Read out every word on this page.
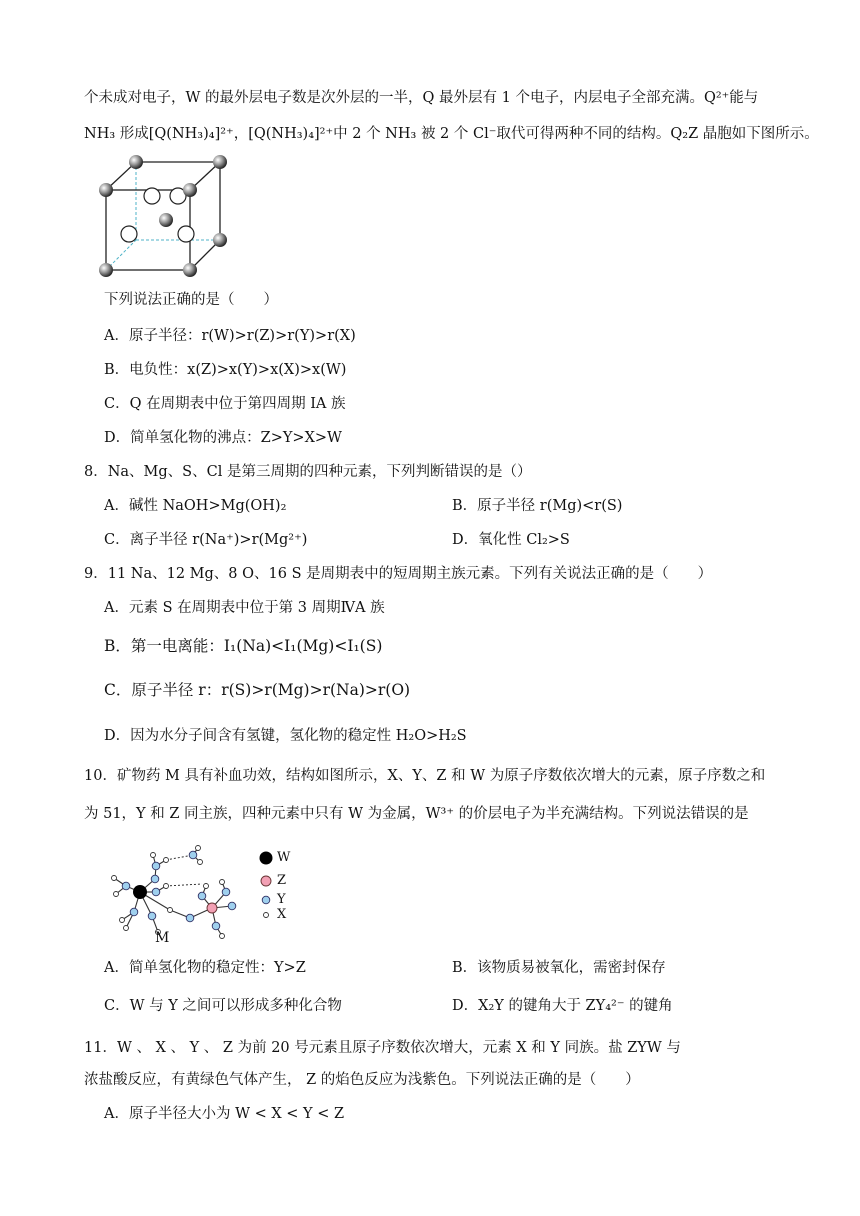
个未成对电子，W 的最外层电子数是次外层的一半，Q 最外层有 1 个电子，内层电子全部充满。Q²⁺能与
NH₃ 形成[Q(NH₃)₄]²⁺，[Q(NH₃)₄]²⁺中 2 个 NH₃ 被 2 个 Cl⁻取代可得两种不同的结构。Q₂Z 晶胞如下图所示。
下列说法正确的是（　　）
A．原子半径：r(W)>r(Z)>r(Y)>r(X)
B．电负性：x(Z)>x(Y)>x(X)>x(W)
C．Q 在周期表中位于第四周期 IA 族
D．简单氢化物的沸点：Z>Y>X>W
8．Na、Mg、S、Cl 是第三周期的四种元素，下列判断错误的是（）
A．碱性 NaOH>Mg(OH)₂	B．原子半径 r(Mg)<r(S)
C．离子半径 r(Na⁺)>r(Mg²⁺)	D．氧化性 Cl₂>S
9．11 Na、12 Mg、8 O、16 S 是周期表中的短周期主族元素。下列有关说法正确的是（　　）
A．元素 S 在周期表中位于第 3 周期ⅣA 族
B．第一电离能：I₁(Na)<I₁(Mg)<I₁(S)
C．原子半径 r：r(S)>r(Mg)>r(Na)>r(O)
D．因为水分子间含有氢键，氢化物的稳定性 H₂O>H₂S
10．矿物药 M 具有补血功效，结构如图所示，X、Y、Z 和 W 为原子序数依次增大的元素，原子序数之和
为 51，Y 和 Z 同主族，四种元素中只有 W 为金属，W³⁺ 的价层电子为半充满结构。下列说法错误的是
M
W
Z
Y
X
A．简单氢化物的稳定性：Y>Z	B．该物质易被氧化，需密封保存
C．W 与 Y 之间可以形成多种化合物	D．X₂Y 的键角大于 ZY₄²⁻ 的键角
11．W 、 X 、 Y 、 Z 为前 20 号元素且原子序数依次增大，元素 X 和 Y 同族。盐 ZYW 与
浓盐酸反应，有黄绿色气体产生， Z 的焰色反应为浅紫色。下列说法正确的是（　　）
A．原子半径大小为 W < X < Y < Z
